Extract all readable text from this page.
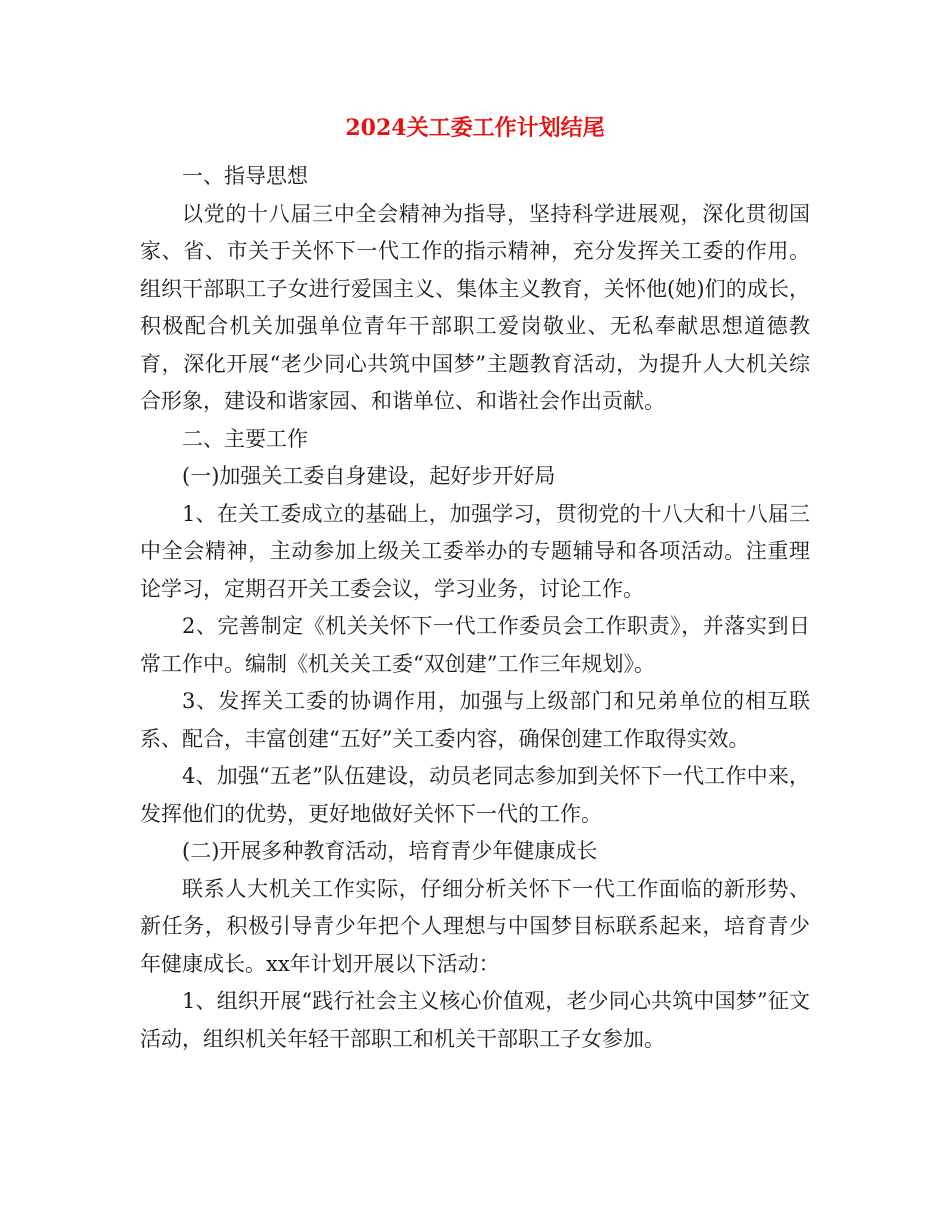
2024关工委工作计划结尾

一、指导思想

以党的十八届三中全会精神为指导，坚持科学进展观，深化贯彻国家、省、市关于关怀下一代工作的指示精神，充分发挥关工委的作用。组织干部职工子女进行爱国主义、集体主义教育，关怀他(她)们的成长，积极配合机关加强单位青年干部职工爱岗敬业、无私奉献思想道德教育，深化开展“老少同心共筑中国梦”主题教育活动，为提升人大机关综合形象，建设和谐家园、和谐单位、和谐社会作出贡献。

二、主要工作

(一)加强关工委自身建设，起好步开好局

1、在关工委成立的基础上，加强学习，贯彻党的十八大和十八届三中全会精神，主动参加上级关工委举办的专题辅导和各项活动。注重理论学习，定期召开关工委会议，学习业务，讨论工作。

2、完善制定《机关关怀下一代工作委员会工作职责》，并落实到日常工作中。编制《机关关工委“双创建”工作三年规划》。

3、发挥关工委的协调作用，加强与上级部门和兄弟单位的相互联系、配合，丰富创建“五好”关工委内容，确保创建工作取得实效。

4、加强“五老”队伍建设，动员老同志参加到关怀下一代工作中来，发挥他们的优势，更好地做好关怀下一代的工作。

(二)开展多种教育活动，培育青少年健康成长

联系人大机关工作实际，仔细分析关怀下一代工作面临的新形势、新任务，积极引导青少年把个人理想与中国梦目标联系起来，培育青少年健康成长。xx年计划开展以下活动：

1、组织开展“践行社会主义核心价值观，老少同心共筑中国梦”征文活动，组织机关年轻干部职工和机关干部职工子女参加。
